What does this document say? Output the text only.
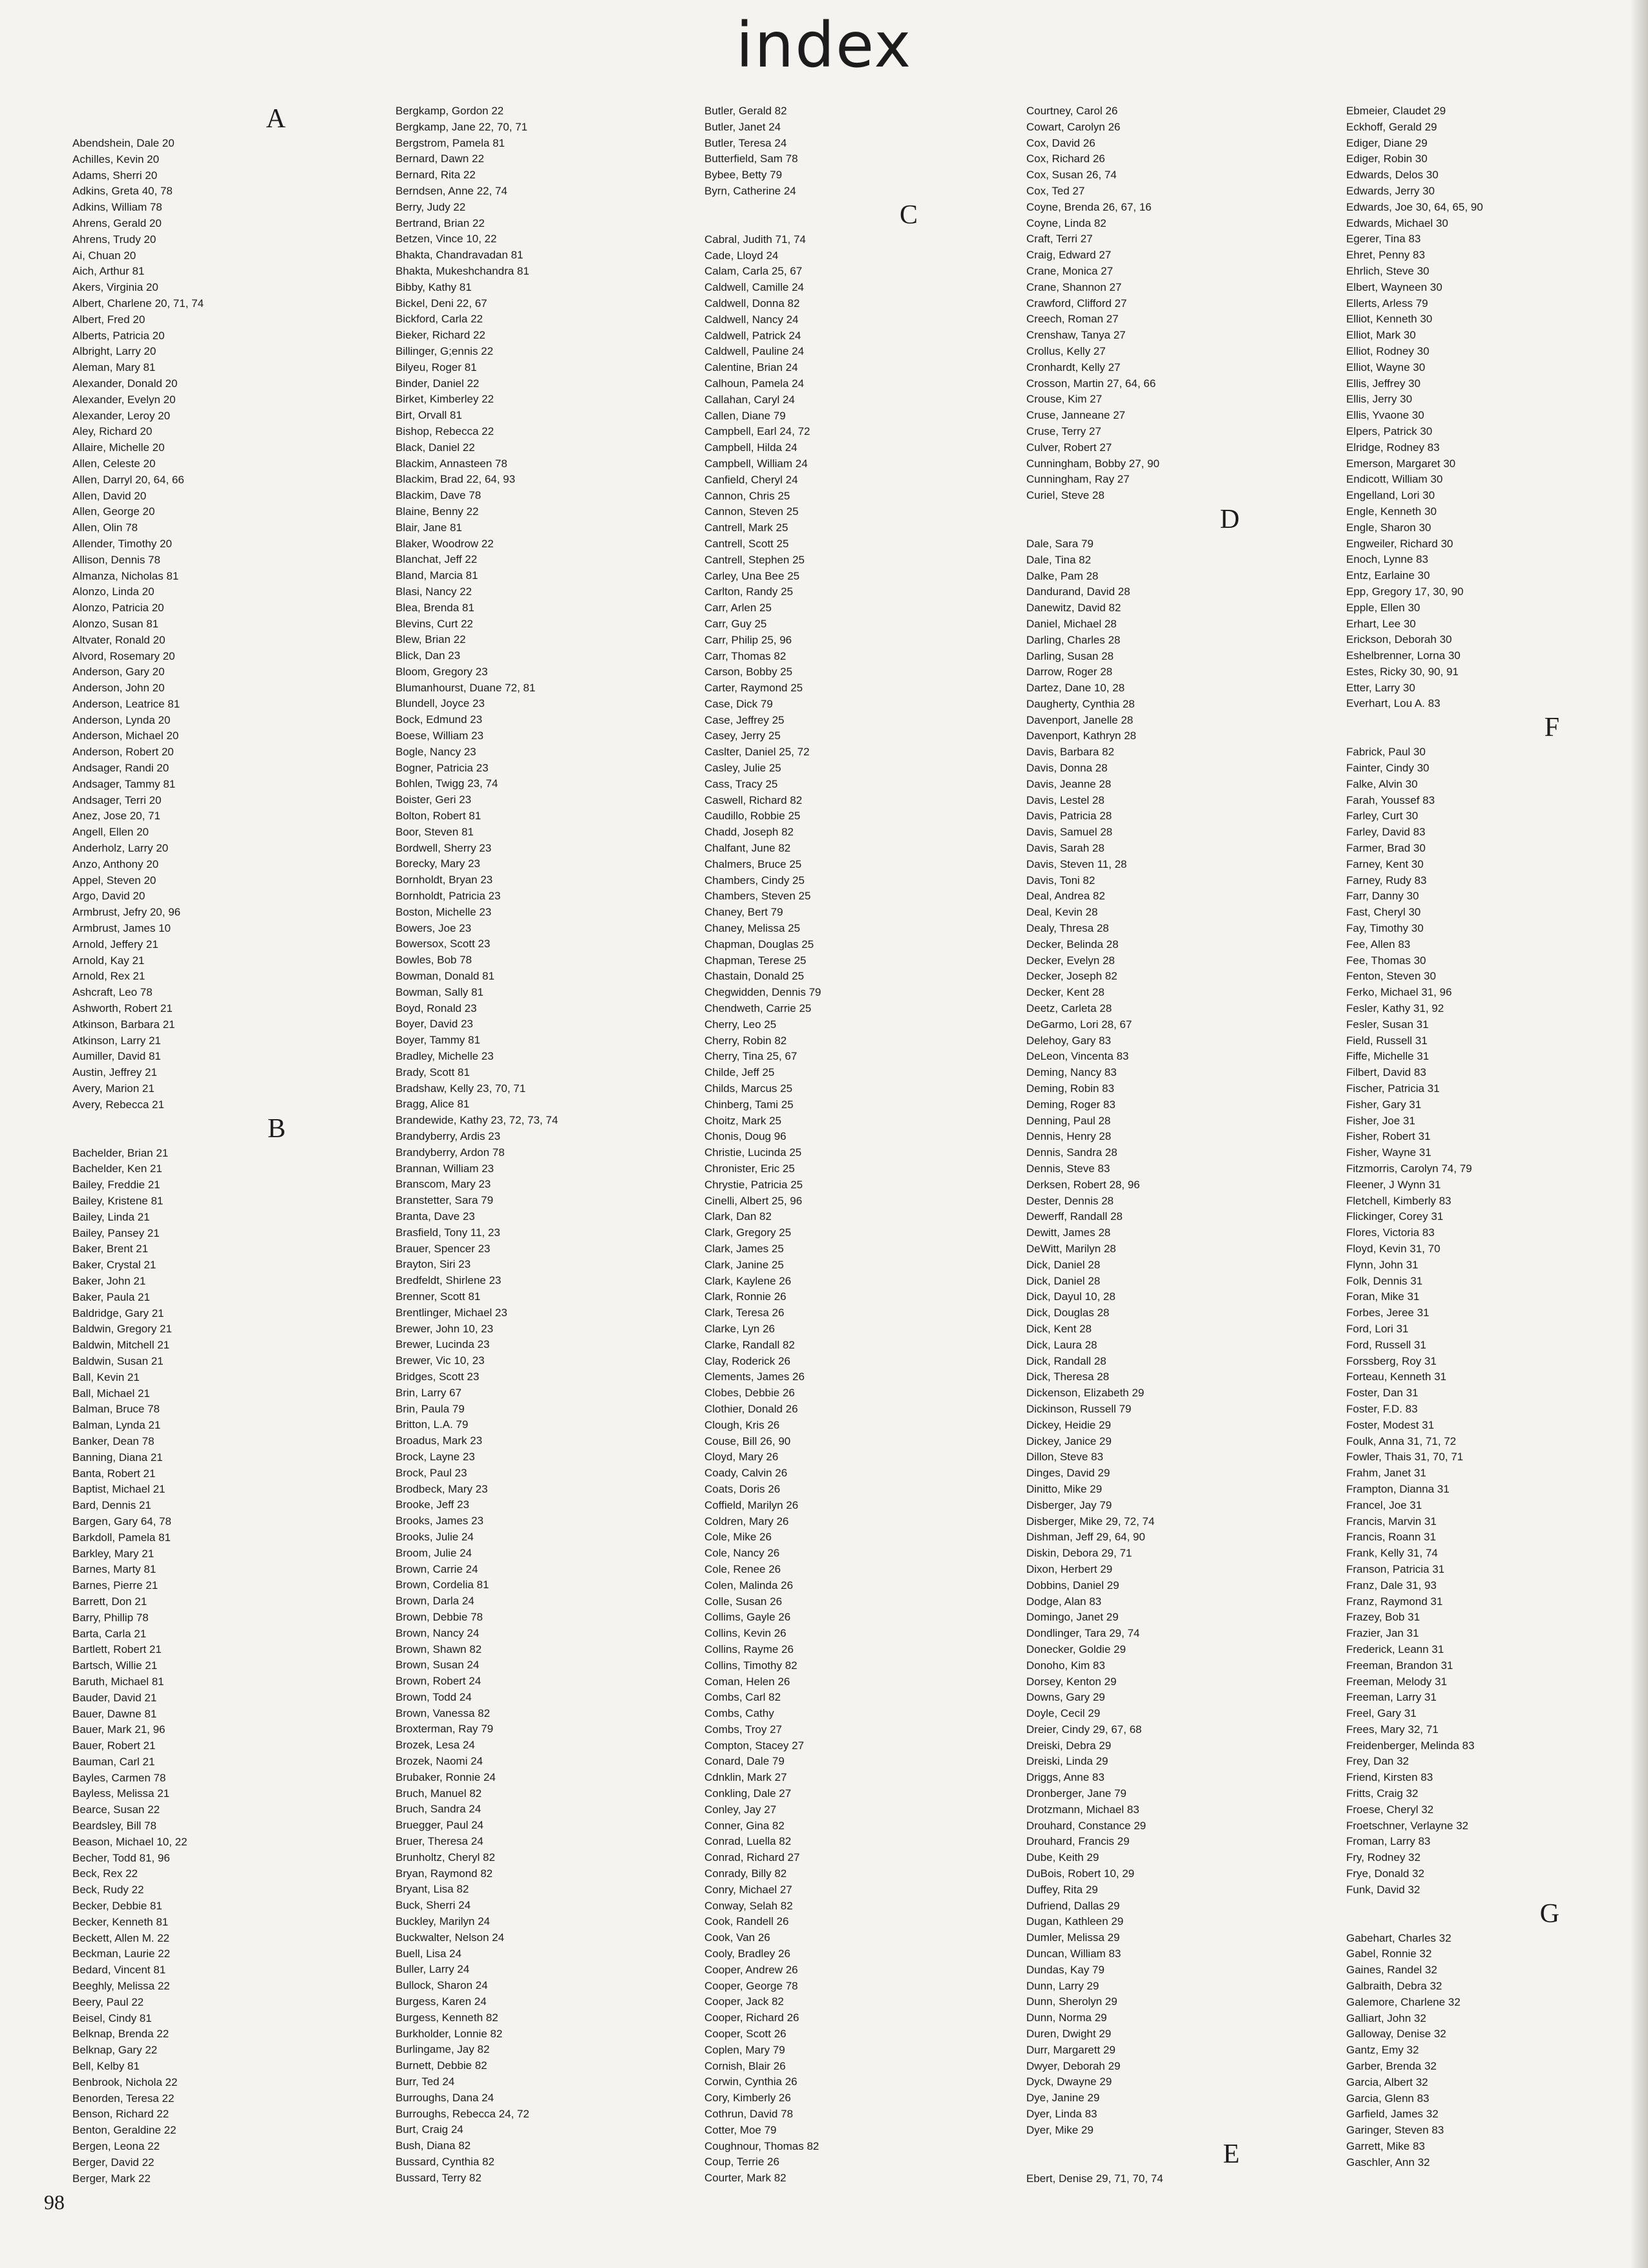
index
A
Abendshein, Dale 20
Achilles, Kevin 20
Adams, Sherri 20
Adkins, Greta 40, 78
Adkins, William 78
Ahrens, Gerald 20
Ahrens, Trudy 20
Ai, Chuan 20
Aich, Arthur 81
Akers, Virginia 20
Albert, Charlene 20, 71, 74
Albert, Fred 20
Alberts, Patricia 20
Albright, Larry 20
Aleman, Mary 81
Alexander, Donald 20
Alexander, Evelyn 20
Alexander, Leroy 20
Aley, Richard 20
Allaire, Michelle 20
Allen, Celeste 20
Allen, Darryl 20, 64, 66
Allen, David 20
Allen, George 20
Allen, Olin 78
Allender, Timothy 20
Allison, Dennis 78
Almanza, Nicholas 81
Alonzo, Linda 20
Alonzo, Patricia 20
Alonzo, Susan 81
Altvater, Ronald 20
Alvord, Rosemary 20
Anderson, Gary 20
Anderson, John 20
Anderson, Leatrice 81
Anderson, Lynda 20
Anderson, Michael 20
Anderson, Robert 20
Andsager, Randi 20
Andsager, Tammy 81
Andsager, Terri 20
Anez, Jose 20, 71
Angell, Ellen 20
Anderholz, Larry 20
Anzo, Anthony 20
Appel, Steven 20
Argo, David 20
Armbrust, Jefry 20, 96
Armbrust, James 10
Arnold, Jeffery 21
Arnold, Kay 21
Arnold, Rex 21
Ashcraft, Leo 78
Ashworth, Robert 21
Atkinson, Barbara 21
Atkinson, Larry 21
Aumiller, David 81
Austin, Jeffrey 21
Avery, Marion 21
Avery, Rebecca 21
B
Bachelder, Brian 21
Bachelder, Ken 21
Bailey, Freddie 21
Bailey, Kristene 81
Bailey, Linda 21
Bailey, Pansey 21
Baker, Brent 21
Baker, Crystal 21
Baker, John 21
Baker, Paula 21
Baldridge, Gary 21
Baldwin, Gregory 21
Baldwin, Mitchell 21
Baldwin, Susan 21
Ball, Kevin 21
Ball, Michael 21
Balman, Bruce 78
Balman, Lynda 21
Banker, Dean 78
Banning, Diana 21
Banta, Robert 21
Baptist, Michael 21
Bard, Dennis 21
Bargen, Gary 64, 78
Barkdoll, Pamela 81
Barkley, Mary 21
Barnes, Marty 81
Barnes, Pierre 21
Barrett, Don 21
Barry, Phillip 78
Barta, Carla 21
Bartlett, Robert 21
Bartsch, Willie 21
Baruth, Michael 81
Bauder, David 21
Bauer, Dawne 81
Bauer, Mark 21, 96
Bauer, Robert 21
Bauman, Carl 21
Bayles, Carmen 78
Bayless, Melissa 21
Bearce, Susan 22
Beardsley, Bill 78
Beason, Michael 10, 22
Becher, Todd 81, 96
Beck, Rex 22
Beck, Rudy 22
Becker, Debbie 81
Becker, Kenneth 81
Beckett, Allen M. 22
Beckman, Laurie 22
Bedard, Vincent 81
Beeghly, Melissa 22
Beery, Paul 22
Beisel, Cindy 81
Belknap, Brenda 22
Belknap, Gary 22
Bell, Kelby 81
Benbrook, Nichola 22
Benorden, Teresa 22
Benson, Richard 22
Benton, Geraldine 22
Bergen, Leona 22
Berger, David 22
Berger, Mark 22
Bergkamp, Gordon 22
Bergkamp, Jane 22, 70, 71
Bergstrom, Pamela 81
Bernard, Dawn 22
Bernard, Rita 22
Berndsen, Anne 22, 74
Berry, Judy 22
Bertrand, Brian 22
Betzen, Vince 10, 22
Bhakta, Chandravadan 81
Bhakta, Mukeshchandra 81
Bibby, Kathy 81
Bickel, Deni 22, 67
Bickford, Carla 22
Bieker, Richard 22
Billinger, G;ennis 22
Bilyeu, Roger 81
Binder, Daniel 22
Birket, Kimberley 22
Birt, Orvall 81
Bishop, Rebecca 22
Black, Daniel 22
Blackim, Annasteen 78
Blackim, Brad 22, 64, 93
Blackim, Dave 78
Blaine, Benny 22
Blair, Jane 81
Blaker, Woodrow 22
Blanchat, Jeff 22
Bland, Marcia 81
Blasi, Nancy 22
Blea, Brenda 81
Blevins, Curt 22
Blew, Brian 22
Blick, Dan 23
Bloom, Gregory 23
Blumanhourst, Duane 72, 81
Blundell, Joyce 23
Bock, Edmund 23
Boese, William 23
Bogle, Nancy 23
Bogner, Patricia 23
Bohlen, Twigg 23, 74
Boister, Geri 23
Bolton, Robert 81
Boor, Steven 81
Bordwell, Sherry 23
Borecky, Mary 23
Bornholdt, Bryan 23
Bornholdt, Patricia 23
Boston, Michelle 23
Bowers, Joe 23
Bowersox, Scott 23
Bowles, Bob 78
Bowman, Donald 81
Bowman, Sally 81
Boyd, Ronald 23
Boyer, David 23
Boyer, Tammy 81
Bradley, Michelle 23
Brady, Scott 81
Bradshaw, Kelly 23, 70, 71
Bragg, Alice 81
Brandewide, Kathy 23, 72, 73, 74
Brandyberry, Ardis 23
Brandyberry, Ardon 78
Brannan, William 23
Branscom, Mary 23
Branstetter, Sara 79
Branta, Dave 23
Brasfield, Tony 11, 23
Brauer, Spencer 23
Brayton, Siri 23
Bredfeldt, Shirlene 23
Brenner, Scott 81
Brentlinger, Michael 23
Brewer, John 10, 23
Brewer, Lucinda 23
Brewer, Vic 10, 23
Bridges, Scott 23
Brin, Larry 67
Brin, Paula 79
Britton, L.A. 79
Broadus, Mark 23
Brock, Layne 23
Brock, Paul 23
Brodbeck, Mary 23
Brooke, Jeff 23
Brooks, James 23
Brooks, Julie 24
Broom, Julie 24
Brown, Carrie 24
Brown, Cordelia 81
Brown, Darla 24
Brown, Debbie 78
Brown, Nancy 24
Brown, Shawn 82
Brown, Susan 24
Brown, Robert 24
Brown, Todd 24
Brown, Vanessa 82
Broxterman, Ray 79
Brozek, Lesa 24
Brozek, Naomi 24
Brubaker, Ronnie 24
Bruch, Manuel 82
Bruch, Sandra 24
Bruegger, Paul 24
Bruer, Theresa 24
Brunholtz, Cheryl 82
Bryan, Raymond 82
Bryant, Lisa 82
Buck, Sherri 24
Buckley, Marilyn 24
Buckwalter, Nelson 24
Buell, Lisa 24
Buller, Larry 24
Bullock, Sharon 24
Burgess, Karen 24
Burgess, Kenneth 82
Burkholder, Lonnie 82
Burlingame, Jay 82
Burnett, Debbie 82
Burr, Ted 24
Burroughs, Dana 24
Burroughs, Rebecca 24, 72
Burt, Craig 24
Bush, Diana 82
Bussard, Cynthia 82
Bussard, Terry 82
Butler, Gerald 82
Butler, Janet 24
Butler, Teresa 24
Butterfield, Sam 78
Bybee, Betty 79
Byrn, Catherine 24
C
Cabral, Judith 71, 74
Cade, Lloyd 24
Calam, Carla 25, 67
Caldwell, Camille 24
Caldwell, Donna 82
Caldwell, Nancy 24
Caldwell, Patrick 24
Caldwell, Pauline 24
Calentine, Brian 24
Calhoun, Pamela 24
Callahan, Caryl 24
Callen, Diane 79
Campbell, Earl 24, 72
Campbell, Hilda 24
Campbell, William 24
Canfield, Cheryl 24
Cannon, Chris 25
Cannon, Steven 25
Cantrell, Mark 25
Cantrell, Scott 25
Cantrell, Stephen 25
Carley, Una Bee 25
Carlton, Randy 25
Carr, Arlen 25
Carr, Guy 25
Carr, Philip 25, 96
Carr, Thomas 82
Carson, Bobby 25
Carter, Raymond 25
Case, Dick 79
Case, Jeffrey 25
Casey, Jerry 25
Caslter, Daniel 25, 72
Casley, Julie 25
Cass, Tracy 25
Caswell, Richard 82
Caudillo, Robbie 25
Chadd, Joseph 82
Chalfant, June 82
Chalmers, Bruce 25
Chambers, Cindy 25
Chambers, Steven 25
Chaney, Bert 79
Chaney, Melissa 25
Chapman, Douglas 25
Chapman, Terese 25
Chastain, Donald 25
Chegwidden, Dennis 79
Chendweth, Carrie 25
Cherry, Leo 25
Cherry, Robin 82
Cherry, Tina 25, 67
Childe, Jeff 25
Childs, Marcus 25
Chinberg, Tami 25
Choitz, Mark 25
Chonis, Doug 96
Christie, Lucinda 25
Chronister, Eric 25
Chrystie, Patricia 25
Cinelli, Albert 25, 96
Clark, Dan 82
Clark, Gregory 25
Clark, James 25
Clark, Janine 25
Clark, Kaylene 26
Clark, Ronnie 26
Clark, Teresa 26
Clarke, Lyn 26
Clarke, Randall 82
Clay, Roderick 26
Clements, James 26
Clobes, Debbie 26
Clothier, Donald 26
Clough, Kris 26
Couse, Bill 26, 90
Cloyd, Mary 26
Coady, Calvin 26
Coats, Doris 26
Coffield, Marilyn 26
Coldren, Mary 26
Cole, Mike 26
Cole, Nancy 26
Cole, Renee 26
Colen, Malinda 26
Colle, Susan 26
Collims, Gayle 26
Collins, Kevin 26
Collins, Rayme 26
Collins, Timothy 82
Coman, Helen 26
Combs, Carl 82
Combs, Cathy
Combs, Troy 27
Compton, Stacey 27
Conard, Dale 79
Cdnklin, Mark 27
Conkling, Dale 27
Conley, Jay 27
Conner, Gina 82
Conrad, Luella 82
Conrad, Richard 27
Conrady, Billy 82
Conry, Michael 27
Conway, Selah 82
Cook, Randell 26
Cook, Van 26
Cooly, Bradley 26
Cooper, Andrew 26
Cooper, George 78
Cooper, Jack 82
Cooper, Richard 26
Cooper, Scott 26
Coplen, Mary 79
Cornish, Blair 26
Corwin, Cynthia 26
Cory, Kimberly 26
Cothrun, David 78
Cotter, Moe 79
Coughnour, Thomas 82
Coup, Terrie 26
Courter, Mark 82
Courtney, Carol 26
Cowart, Carolyn 26
Cox, David 26
Cox, Richard 26
Cox, Susan 26, 74
Cox, Ted 27
Coyne, Brenda 26, 67, 16
Coyne, Linda 82
Craft, Terri 27
Craig, Edward 27
Crane, Monica 27
Crane, Shannon 27
Crawford, Clifford 27
Creech, Roman 27
Crenshaw, Tanya 27
Crollus, Kelly 27
Cronhardt, Kelly 27
Crosson, Martin 27, 64, 66
Crouse, Kim 27
Cruse, Janneane 27
Cruse, Terry 27
Culver, Robert 27
Cunningham, Bobby 27, 90
Cunningham, Ray 27
Curiel, Steve 28
D
Dale, Sara 79
Dale, Tina 82
Dalke, Pam 28
Dandurand, David 28
Danewitz, David 82
Daniel, Michael 28
Darling, Charles 28
Darling, Susan 28
Darrow, Roger 28
Dartez, Dane 10, 28
Daugherty, Cynthia 28
Davenport, Janelle 28
Davenport, Kathryn 28
Davis, Barbara 82
Davis, Donna 28
Davis, Jeanne 28
Davis, Lestel 28
Davis, Patricia 28
Davis, Samuel 28
Davis, Sarah 28
Davis, Steven 11, 28
Davis, Toni 82
Deal, Andrea 82
Deal, Kevin 28
Dealy, Thresa 28
Decker, Belinda 28
Decker, Evelyn 28
Decker, Joseph 82
Decker, Kent 28
Deetz, Carleta 28
DeGarmo, Lori 28, 67
Delehoy, Gary 83
DeLeon, Vincenta 83
Deming, Nancy 83
Deming, Robin 83
Deming, Roger 83
Denning, Paul 28
Dennis, Henry 28
Dennis, Sandra 28
Dennis, Steve 83
Derksen, Robert 28, 96
Dester, Dennis 28
Dewerff, Randall 28
Dewitt, James 28
DeWitt, Marilyn 28
Dick, Daniel 28
Dick, Daniel 28
Dick, Dayul 10, 28
Dick, Douglas 28
Dick, Kent 28
Dick, Laura 28
Dick, Randall 28
Dick, Theresa 28
Dickenson, Elizabeth 29
Dickinson, Russell 79
Dickey, Heidie 29
Dickey, Janice 29
Dillon, Steve 83
Dinges, David 29
Dinitto, Mike 29
Disberger, Jay 79
Disberger, Mike 29, 72, 74
Dishman, Jeff 29, 64, 90
Diskin, Debora 29, 71
Dixon, Herbert 29
Dobbins, Daniel 29
Dodge, Alan 83
Domingo, Janet 29
Dondlinger, Tara 29, 74
Donecker, Goldie 29
Donoho, Kim 83
Dorsey, Kenton 29
Downs, Gary 29
Doyle, Cecil 29
Dreier, Cindy 29, 67, 68
Dreiski, Debra 29
Dreiski, Linda 29
Driggs, Anne 83
Dronberger, Jane 79
Drotzmann, Michael 83
Drouhard, Constance 29
Drouhard, Francis 29
Dube, Keith 29
DuBois, Robert 10, 29
Duffey, Rita 29
Dufriend, Dallas 29
Dugan, Kathleen 29
Dumler, Melissa 29
Duncan, William 83
Dundas, Kay 79
Dunn, Larry 29
Dunn, Sherolyn 29
Dunn, Norma 29
Duren, Dwight 29
Durr, Margarett 29
Dwyer, Deborah 29
Dyck, Dwayne 29
Dye, Janine 29
Dyer, Linda 83
Dyer, Mike 29
E
Ebert, Denise 29, 71, 70, 74
Ebmeier, Claudet 29
Eckhoff, Gerald 29
Ediger, Diane 29
Ediger, Robin 30
Edwards, Delos 30
Edwards, Jerry 30
Edwards, Joe 30, 64, 65, 90
Edwards, Michael 30
Egerer, Tina 83
Ehret, Penny 83
Ehrlich, Steve 30
Elbert, Wayneen 30
Ellerts, Arless 79
Elliot, Kenneth 30
Elliot, Mark 30
Elliot, Rodney 30
Elliot, Wayne 30
Ellis, Jeffrey 30
Ellis, Jerry 30
Ellis, Yvaone 30
Elpers, Patrick 30
Elridge, Rodney 83
Emerson, Margaret 30
Endicott, William 30
Engelland, Lori 30
Engle, Kenneth 30
Engle, Sharon 30
Engweiler, Richard 30
Enoch, Lynne 83
Entz, Earlaine 30
Epp, Gregory 17, 30, 90
Epple, Ellen 30
Erhart, Lee 30
Erickson, Deborah 30
Eshelbrenner, Lorna 30
Estes, Ricky 30, 90, 91
Etter, Larry 30
Everhart, Lou A. 83
F
Fabrick, Paul 30
Fainter, Cindy 30
Falke, Alvin 30
Farah, Youssef 83
Farley, Curt 30
Farley, David 83
Farmer, Brad 30
Farney, Kent 30
Farney, Rudy 83
Farr, Danny 30
Fast, Cheryl 30
Fay, Timothy 30
Fee, Allen 83
Fee, Thomas 30
Fenton, Steven 30
Ferko, Michael 31, 96
Fesler, Kathy 31, 92
Fesler, Susan 31
Field, Russell 31
Fiffe, Michelle 31
Filbert, David 83
Fischer, Patricia 31
Fisher, Gary 31
Fisher, Joe 31
Fisher, Robert 31
Fisher, Wayne 31
Fitzmorris, Carolyn 74, 79
Fleener, J Wynn 31
Fletchell, Kimberly 83
Flickinger, Corey 31
Flores, Victoria 83
Floyd, Kevin 31, 70
Flynn, John 31
Folk, Dennis 31
Foran, Mike 31
Forbes, Jeree 31
Ford, Lori 31
Ford, Russell 31
Forssberg, Roy 31
Forteau, Kenneth 31
Foster, Dan 31
Foster, F.D. 83
Foster, Modest 31
Foulk, Anna 31, 71, 72
Fowler, Thais 31, 70, 71
Frahm, Janet 31
Frampton, Dianna 31
Francel, Joe 31
Francis, Marvin 31
Francis, Roann 31
Frank, Kelly 31, 74
Franson, Patricia 31
Franz, Dale 31, 93
Franz, Raymond 31
Frazey, Bob 31
Frazier, Jan 31
Frederick, Leann 31
Freeman, Brandon 31
Freeman, Melody 31
Freeman, Larry 31
Freel, Gary 31
Frees, Mary 32, 71
Freidenberger, Melinda 83
Frey, Dan 32
Friend, Kirsten 83
Fritts, Craig 32
Froese, Cheryl 32
Froetschner, Verlayne 32
Froman, Larry 83
Fry, Rodney 32
Frye, Donald 32
Funk, David 32
G
Gabehart, Charles 32
Gabel, Ronnie 32
Gaines, Randel 32
Galbraith, Debra 32
Galemore, Charlene 32
Galliart, John 32
Galloway, Denise 32
Gantz, Emy 32
Garber, Brenda 32
Garcia, Albert 32
Garcia, Glenn 83
Garfield, James 32
Garinger, Steven 83
Garrett, Mike 83
Gaschler, Ann 32
98
